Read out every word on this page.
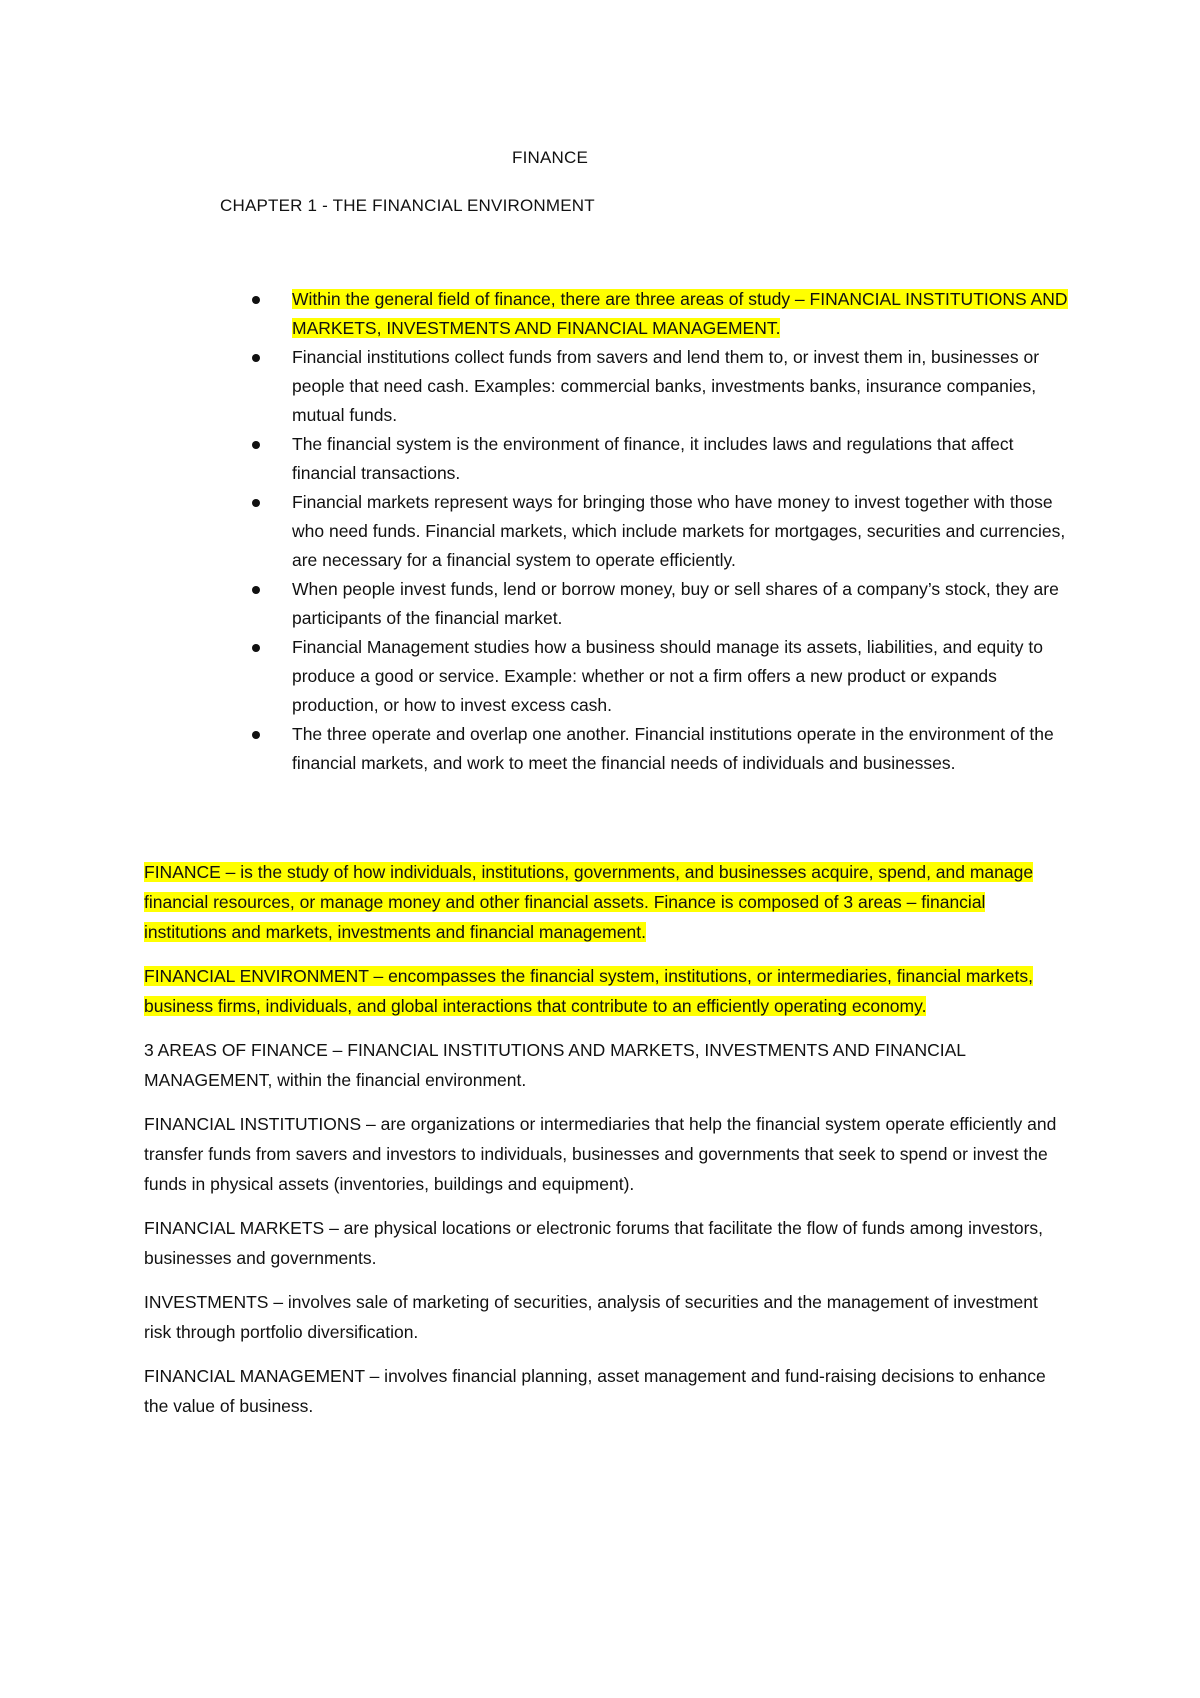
FINANCE
CHAPTER 1 - THE FINANCIAL ENVIRONMENT
Within the general field of finance, there are three areas of study – FINANCIAL INSTITUTIONS AND MARKETS, INVESTMENTS AND FINANCIAL MANAGEMENT.
Financial institutions collect funds from savers and lend them to, or invest them in, businesses or people that need cash. Examples: commercial banks, investments banks, insurance companies, mutual funds.
The financial system is the environment of finance, it includes laws and regulations that affect financial transactions.
Financial markets represent ways for bringing those who have money to invest together with those who need funds. Financial markets, which include markets for mortgages, securities and currencies, are necessary for a financial system to operate efficiently.
When people invest funds, lend or borrow money, buy or sell shares of a company’s stock, they are participants of the financial market.
Financial Management studies how a business should manage its assets, liabilities, and equity to produce a good or service. Example: whether or not a firm offers a new product or expands production, or how to invest excess cash.
The three operate and overlap one another. Financial institutions operate in the environment of the financial markets, and work to meet the financial needs of individuals and businesses.

FINANCE – is the study of how individuals, institutions, governments, and businesses acquire, spend, and manage financial resources, or manage money and other financial assets. Finance is composed of 3 areas – financial institutions and markets, investments and financial management.

FINANCIAL ENVIRONMENT – encompasses the financial system, institutions, or intermediaries, financial markets, business firms, individuals, and global interactions that contribute to an efficiently operating economy.

3 AREAS OF FINANCE – FINANCIAL INSTITUTIONS AND MARKETS, INVESTMENTS AND FINANCIAL MANAGEMENT, within the financial environment.

FINANCIAL INSTITUTIONS – are organizations or intermediaries that help the financial system operate efficiently and transfer funds from savers and investors to individuals, businesses and governments that seek to spend or invest the funds in physical assets (inventories, buildings and equipment).

FINANCIAL MARKETS – are physical locations or electronic forums that facilitate the flow of funds among investors, businesses and governments.

INVESTMENTS – involves sale of marketing of securities, analysis of securities and the management of investment risk through portfolio diversification.

FINANCIAL MANAGEMENT – involves financial planning, asset management and fund-raising decisions to enhance the value of business.
